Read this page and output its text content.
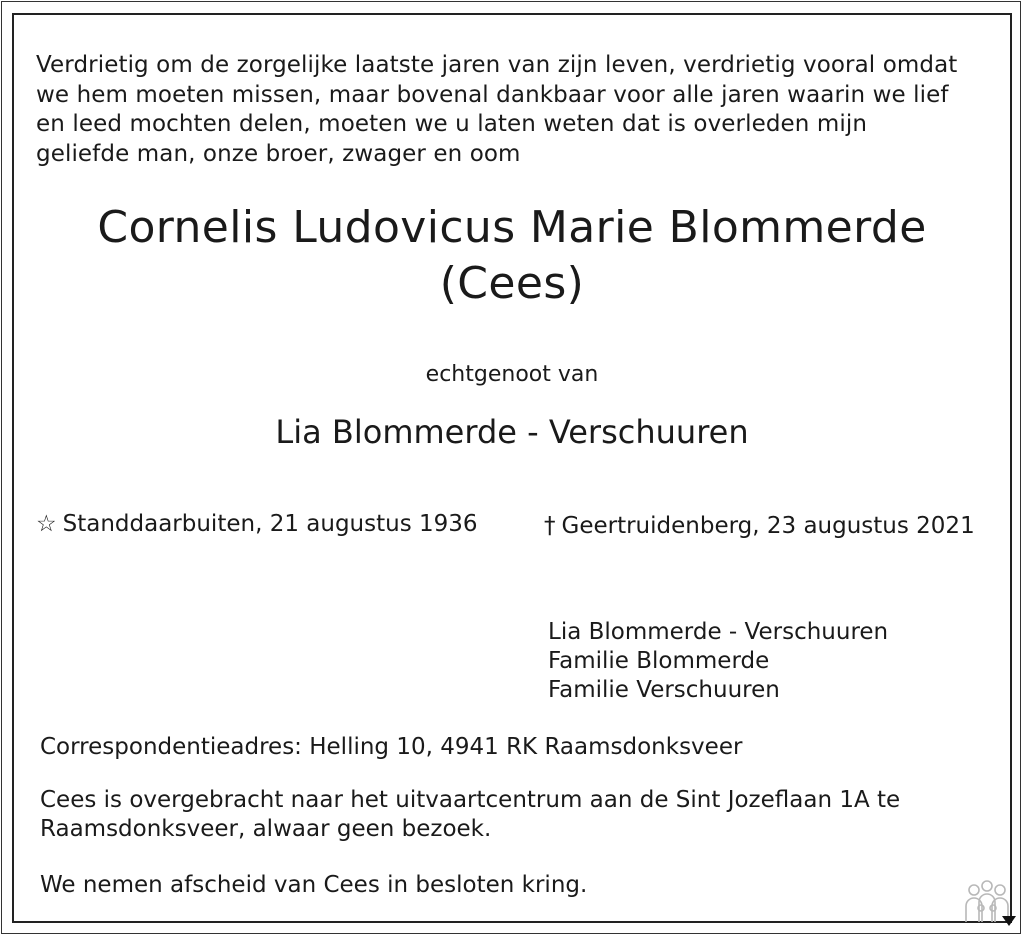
Verdrietig om de zorgelijke laatste jaren van zijn leven, verdrietig vooral omdat
we hem moeten missen, maar bovenal dankbaar voor alle jaren waarin we lief
en leed mochten delen, moeten we u laten weten dat is overleden mijn
geliefde man, onze broer, zwager en oom
Cornelis Ludovicus Marie Blommerde
(Cees)
echtgenoot van
Lia Blommerde - Verschuuren
☆ Standdaarbuiten, 21 augustus 1936	† Geertruidenberg, 23 augustus 2021
Lia Blommerde - Verschuuren
Familie Blommerde
Familie Verschuuren
Correspondentieadres: Helling 10, 4941 RK Raamsdonksveer
Cees is overgebracht naar het uitvaartcentrum aan de Sint Jozeflaan 1A te
Raamsdonksveer, alwaar geen bezoek.
We nemen afscheid van Cees in besloten kring.
